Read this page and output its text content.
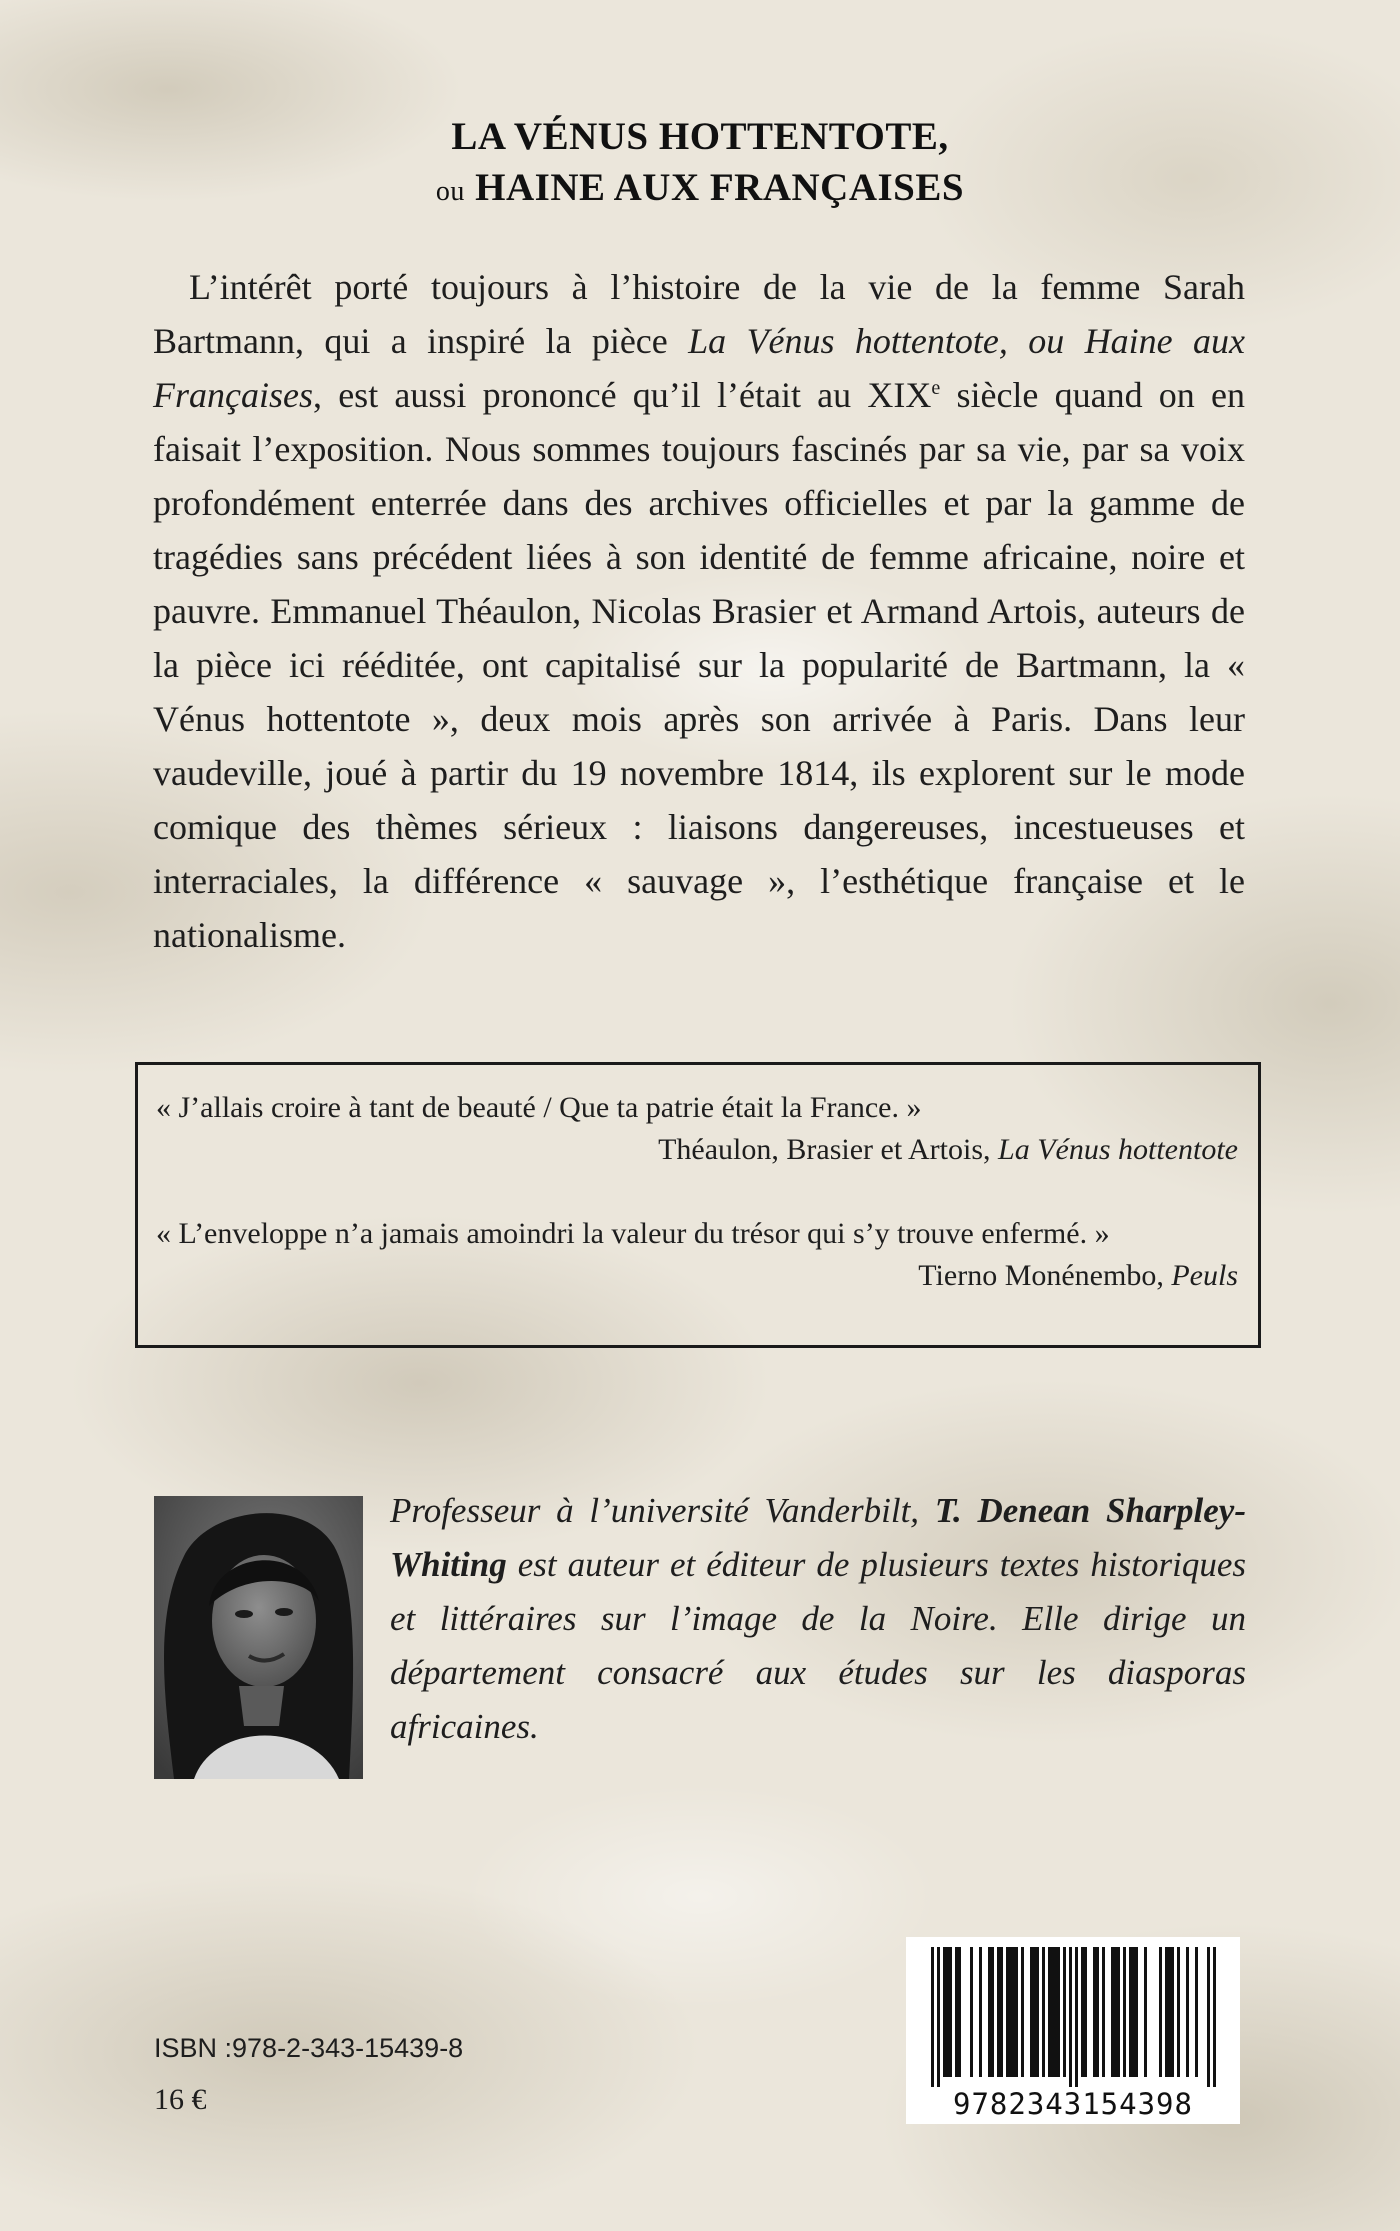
LA VÉNUS HOTTENTOTE,
ou HAINE AUX FRANÇAISES
L’intérêt porté toujours à l’histoire de la vie de la femme Sarah Bartmann, qui a inspiré la pièce La Vénus hottentote, ou Haine aux Françaises, est aussi prononcé qu’il l’était au XIXe siècle quand on en faisait l’exposition. Nous sommes toujours fascinés par sa vie, par sa voix profondément enterrée dans des archives officielles et par la gamme de tragédies sans précédent liées à son identité de femme africaine, noire et pauvre. Emmanuel Théaulon, Nicolas Brasier et Armand Artois, auteurs de la pièce ici rééditée, ont capitalisé sur la popularité de Bartmann, la « Vénus hottentote », deux mois après son arrivée à Paris. Dans leur vaudeville, joué à partir du 19 novembre 1814, ils explorent sur le mode comique des thèmes sérieux : liaisons dangereuses, incestueuses et interraciales, la différence « sauvage », l’esthétique française et le nationalisme.
« J’allais croire à tant de beauté / Que ta patrie était la France. »
Théaulon, Brasier et Artois, La Vénus hottentote
« L’enveloppe n’a jamais amoindri la valeur du trésor qui s’y trouve enfermé. »
Tierno Monénembo, Peuls
Professeur à l’université Vanderbilt, T. Denean Sharpley-Whiting est auteur et éditeur de plusieurs textes historiques et littéraires sur l’image de la Noire. Elle dirige un département consacré aux études sur les diasporas africaines.
ISBN :978-2-343-15439-8
16 €	9782343154398
